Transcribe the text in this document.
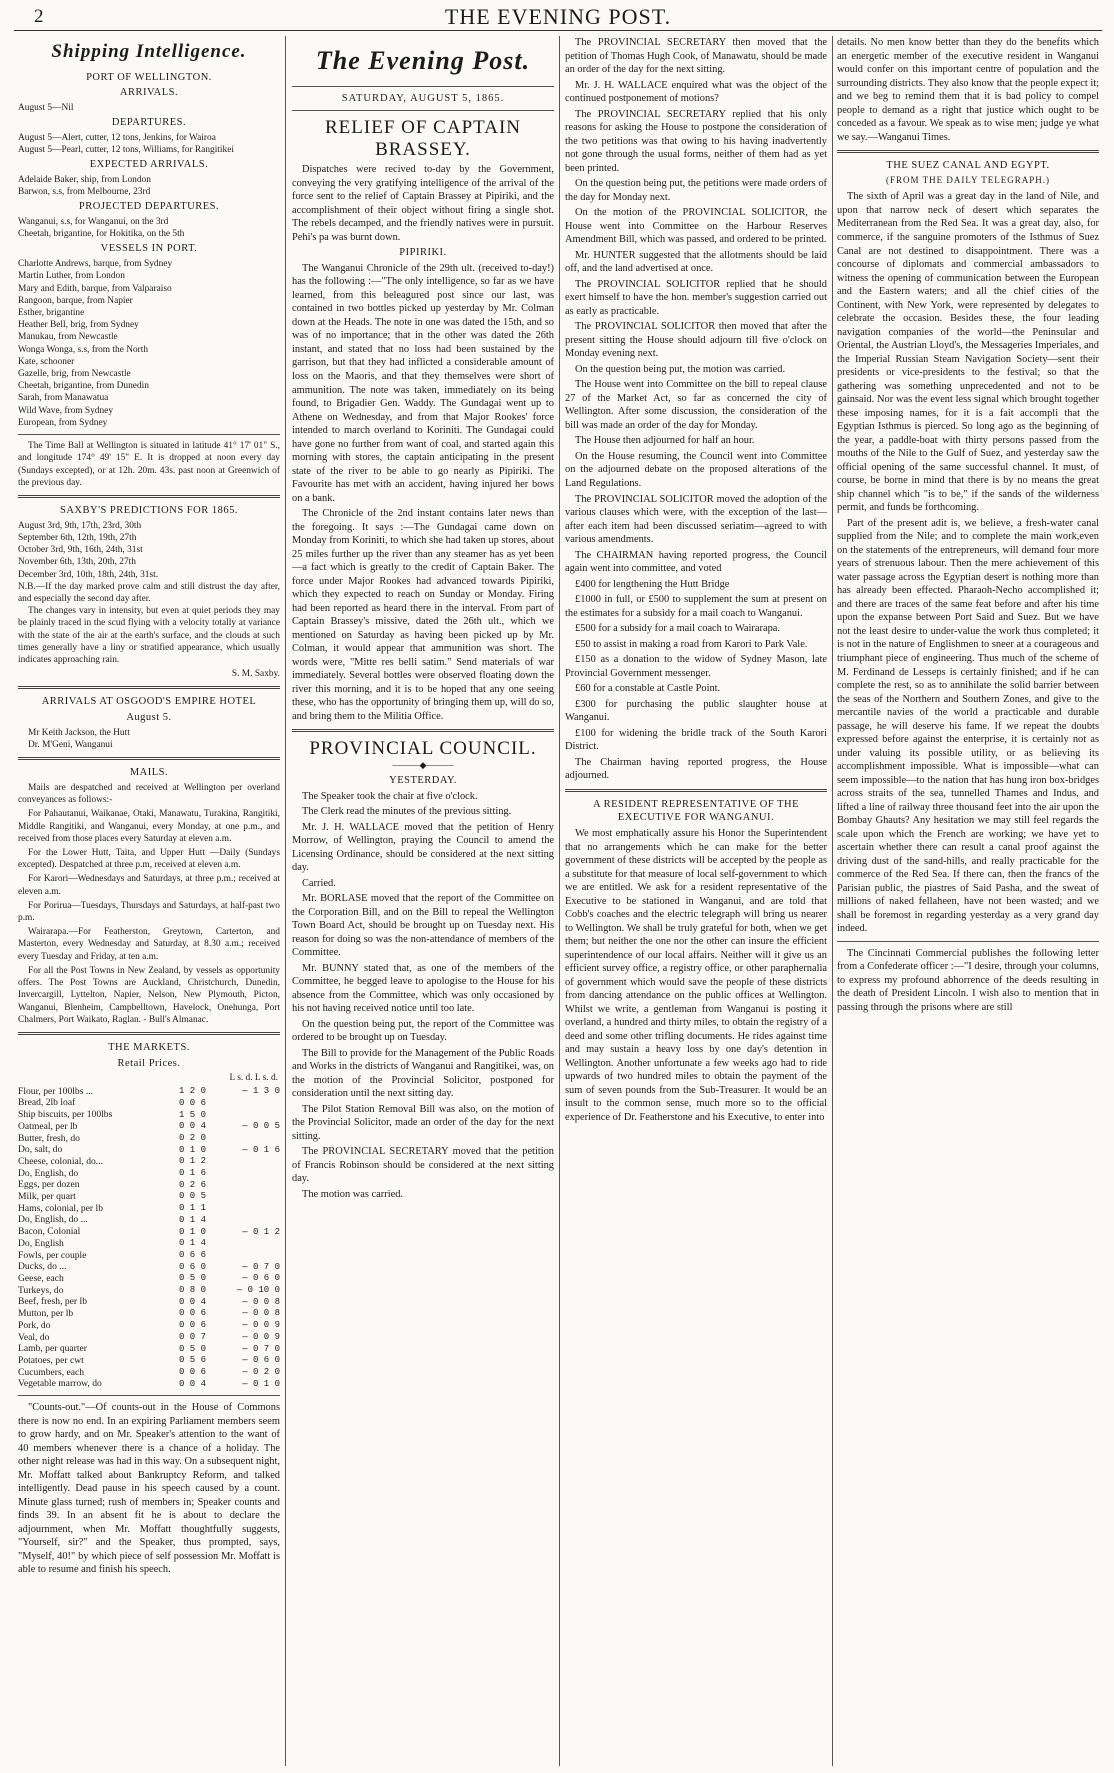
2	THE EVENING POST.
Shipping Intelligence.
PORT OF WELLINGTON.
ARRIVALS.

August 5—Nil

DEPARTURES.

August 5—Alert, cutter, 12 tons, Jenkins, for Wairoa

August 5—Pearl, cutter, 12 tons, Williams, for Rangitikei

EXPECTED ARRIVALS.

Adelaide Baker, ship, from London

Barwon, s.s, from Melbourne, 23rd

PROJECTED DEPARTURES.

Wanganui, s.s, for Wanganui, on the 3rd

Cheetah, brigantine, for Hokitika, on the 5th

VESSELS IN PORT.

Charlotte Andrews, barque, from Sydney

Martin Luther, from London

Mary and Edith, barque, from Valparaiso

Rangoon, barque, from Napier

Esther, brigantine

Heather Bell, brig, from Sydney

Manukau, from Newcastle

Wonga Wonga, s.s, from the North

Kate, schooner

Gazelle, brig, from Newcastle

Cheetah, brigantine, from Dunedin

Sarah, from Manawatua

Wild Wave, from Sydney

European, from Sydney

The Time Ball at Wellington is situated in latitude 41° 17' 01" S., and longitude 174° 49' 15" E. It is dropped at noon every day (Sundays excepted), or at 12h. 20m. 43s. past noon at Greenwich of the previous day.

SAXBY'S PREDICTIONS FOR 1865.

August 3rd, 9th, 17th, 23rd, 30th

September 6th, 12th, 19th, 27th

October 3rd, 9th, 16th, 24th, 31st

November 6th, 13th, 20th, 27th

December 3rd, 10th, 18th, 24th, 31st.

N.B.—If the day marked prove calm and still distrust the day after, and especially the second day after.

The changes vary in intensity, but even at quiet periods they may be plainly traced in the scud flying with a velocity totally at variance with the state of the air at the earth's surface, and the clouds at such times generally have a liny or stratified appearance, which usually indicates approaching rain.

S. M. Saxby.

ARRIVALS AT OSGOOD'S EMPIRE HOTEL
August 5.

Mr Keith Jackson, the Hutt

Dr. M'Geni, Wanganui

MAILS.

Mails are despatched and received at Wellington per overland conveyances as follows:-

For Pahautanui, Waikanae, Otaki, Manawatu, Turakina, Rangitiki, Middle Rangitiki, and Wanganui, every Monday, at one p.m., and received from those places every Saturday at eleven a.m.

For the Lower Hutt, Taita, and Upper Hutt —Daily (Sundays excepted). Despatched at three p.m, received at eleven a.m.

For Karori—Wednesdays and Saturdays, at three p.m.; received at eleven a.m.

For Porirua—Tuesdays, Thursdays and Saturdays, at half-past two p.m.

Wairarapa.—For Featherston, Greytown, Carterton, and Masterton, every Wednesday and Saturday, at 8.30 a.m.; received every Tuesday and Friday, at ten a.m.

For all the Post Towns in New Zealand, by vessels as opportunity offers. The Post Towns are Auckland, Christchurch, Dunedin, Invercargill, Lyttelton, Napier, Nelson, New Plymouth, Picton, Wanganui, Blenheim, Campbelltown, Havelock, Onehunga, Port Chalmers, Port Waikato, Raglan. - Bull's Almanac.

THE MARKETS.
Retail Prices.
L s. d. L s. d.		
Flour, per 100lbs ...	1 2 0	— 1 3 0
Bread, 2lb loaf	0 0 6	
Ship biscuits, per 100lbs	1 5 0	
Oatmeal, per lb	0 0 4	— 0 0 5
Butter, fresh, do	0 2 0	
Do, salt, do	0 1 0	— 0 1 6
Cheese, colonial, do...	0 1 2	
Do, English, do	0 1 6	
Eggs, per dozen	0 2 6	
Milk, per quart	0 0 5	
Hams, colonial, per lb	0 1 1	
Do, English, do ...	0 1 4	
Bacon, Colonial	0 1 0	— 0 1 2
Do, English	0 1 4	
Fowls, per couple	0 6 6	
Ducks, do ...	0 6 0	— 0 7 0
Geese, each	0 5 0	— 0 6 0
Turkeys, do	0 8 0	— 0 10 0
Beef, fresh, per lb	0 0 4	— 0 0 8
Mutton, per lb	0 0 6	— 0 0 8
Pork, do	0 0 6	— 0 0 9
Veal, do	0 0 7	— 0 0 9
Lamb, per quarter	0 5 0	— 0 7 0
Potatoes, per cwt	0 5 6	— 0 6 0
Cucumbers, each	0 0 6	— 0 2 0
Vegetable marrow, do	0 0 4	— 0 1 0

"Counts-out."—Of counts-out in the House of Commons there is now no end. In an expiring Parliament members seem to grow hardy, and on Mr. Speaker's attention to the want of 40 members whenever there is a chance of a holiday. The other night release was had in this way. On a subsequent night, Mr. Moffatt talked about Bankruptcy Reform, and talked intelligently. Dead pause in his speech caused by a count. Minute glass turned; rush of members in; Speaker counts and finds 39. In an absent fit he is about to declare the adjournment, when Mr. Moffatt thoughtfully suggests, "Yourself, sir?" and the Speaker, thus prompted, says, "Myself, 40!" by which piece of self possession Mr. Moffatt is able to resume and finish his speech.

The Evening Post.
SATURDAY, AUGUST 5, 1865.
RELIEF OF CAPTAIN BRASSEY.

Dispatches were recived to-day by the Government, conveying the very gratifying intelligence of the arrival of the force sent to the relief of Captain Brassey at Pipiriki, and the accomplishment of their object without firing a single shot. The rebels decamped, and the friendly natives were in pursuit. Pehi's pa was burnt down.

PIPIRIKI.

The Wanganui Chronicle of the 29th ult. (received to-day!) has the following :—"The only intelligence, so far as we have learned, from this beleagured post since our last, was contained in two bottles picked up yesterday by Mr. Colman down at the Heads. The note in one was dated the 15th, and so was of no importance; that in the other was dated the 26th instant, and stated that no loss had been sustained by the garrison, but that they had inflicted a considerable amount of loss on the Maoris, and that they themselves were short of ammunition. The note was taken, immediately on its being found, to Brigadier Gen. Waddy. The Gundagai went up to Athene on Wednesday, and from that Major Rookes' force intended to march overland to Koriniti. The Gundagai could have gone no further from want of coal, and started again this morning with stores, the captain anticipating in the present state of the river to be able to go nearly as Pipiriki. The Favourite has met with an accident, having injured her bows on a bank.

The Chronicle of the 2nd instant contains later news than the foregoing. It says :—The Gundagai came down on Monday from Koriniti, to which she had taken up stores, about 25 miles further up the river than any steamer has as yet been—a fact which is greatly to the credit of Captain Baker. The force under Major Rookes had advanced towards Pipiriki, which they expected to reach on Sunday or Monday. Firing had been reported as heard there in the interval. From part of Captain Brassey's missive, dated the 26th ult., which we mentioned on Saturday as having been picked up by Mr. Colman, it would appear that ammunition was short. The words were, "Mitte res belli satim." Send materials of war immediately. Several bottles were observed floating down the river this morning, and it is to be hoped that any one seeing these, who has the opportunity of bringing them up, will do so, and bring them to the Militia Office.

PROVINCIAL COUNCIL.
———◆———
YESTERDAY.

The Speaker took the chair at five o'clock.

The Clerk read the minutes of the previous sitting.

Mr. J. H. WALLACE moved that the petition of Henry Morrow, of Wellington, praying the Council to amend the Licensing Ordinance, should be considered at the next sitting day.

Carried.

Mr. BORLASE moved that the report of the Committee on the Corporation Bill, and on the Bill to repeal the Wellington Town Board Act, should be brought up on Tuesday next. His reason for doing so was the non-attendance of members of the Committee.

Mr. BUNNY stated that, as one of the members of the Committee, he begged leave to apologise to the House for his absence from the Committee, which was only occasioned by his not having received notice until too late.

On the question being put, the report of the Committee was ordered to be brought up on Tuesday.

The Bill to provide for the Management of the Public Roads and Works in the districts of Wanganui and Rangitikei, was, on the motion of the Provincial Solicitor, postponed for consideration until the next sitting day.

The Pilot Station Removal Bill was also, on the motion of the Provincial Solicitor, made an order of the day for the next sitting.

The PROVINCIAL SECRETARY moved that the petition of Francis Robinson should be considered at the next sitting day.

The motion was carried.

The PROVINCIAL SECRETARY then moved that the petition of Thomas Hugh Cook, of Manawatu, should be made an order of the day for the next sitting.

Mr. J. H. WALLACE enquired what was the object of the continued postponement of motions?

The PROVINCIAL SECRETARY replied that his only reasons for asking the House to postpone the consideration of the two petitions was that owing to his having inadvertently not gone through the usual forms, neither of them had as yet been printed.

On the question being put, the petitions were made orders of the day for Monday next.

On the motion of the PROVINCIAL SOLICITOR, the House went into Committee on the Harbour Reserves Amendment Bill, which was passed, and ordered to be printed.

Mr. HUNTER suggested that the allotments should be laid off, and the land advertised at once.

The PROVINCIAL SOLICITOR replied that he should exert himself to have the hon. member's suggestion carried out as early as practicable.

The PROVINCIAL SOLICITOR then moved that after the present sitting the House should adjourn till five o'clock on Monday evening next.

On the question being put, the motion was carried.

The House went into Committee on the bill to repeal clause 27 of the Market Act, so far as concerned the city of Wellington. After some discussion, the consideration of the bill was made an order of the day for Monday.

The House then adjourned for half an hour.

On the House resuming, the Council went into Committee on the adjourned debate on the proposed alterations of the Land Regulations.

The PROVINCIAL SOLICITOR moved the adoption of the various clauses which were, with the exception of the last—after each item had been discussed seriatim—agreed to with various amendments.

The CHAIRMAN having reported progress, the Council again went into committee, and voted

£400 for lengthening the Hutt Bridge

£1000 in full, or £500 to supplement the sum at present on the estimates for a subsidy for a mail coach to Wanganui.

£500 for a subsidy for a mail coach to Wairarapa.

£50 to assist in making a road from Karori to Park Vale.

£150 as a donation to the widow of Sydney Mason, late Provincial Government messenger.

£60 for a constable at Castle Point.

£300 for purchasing the public slaughter house at Wanganui.

£100 for widening the bridle track of the South Karori District.

The Chairman having reported progress, the House adjourned.

A RESIDENT REPRESENTATIVE OF THE EXECUTIVE FOR WANGANUI.

We most emphatically assure his Honor the Superintendent that no arrangements which he can make for the better government of these districts will be accepted by the people as a substitute for that measure of local self-government to which we are entitled. We ask for a resident representative of the Executive to be stationed in Wanganui, and are told that Cobb's coaches and the electric telegraph will bring us nearer to Wellington. We shall be truly grateful for both, when we get them; but neither the one nor the other can insure the efficient superintendence of our local affairs. Neither will it give us an efficient survey office, a registry office, or other paraphernalia of government which would save the people of these districts from dancing attendance on the public offices at Wellington. Whilst we write, a gentleman from Wanganui is posting it overland, a hundred and thirty miles, to obtain the registry of a deed and some other trifling documents. He rides against time and may sustain a heavy loss by one day's detention in Wellington. Another unfortunate a few weeks ago had to ride upwards of two hundred miles to obtain the payment of the sum of seven pounds from the Sub-Treasurer. It would be an insult to the common sense, much more so to the official experience of Dr. Featherstone and his Executive, to enter into

details. No men know better than they do the benefits which an energetic member of the executive resident in Wanganui would confer on this important centre of population and the surrounding districts. They also know that the people expect it; and we beg to remind them that it is bad policy to compel people to demand as a right that justice which ought to be conceded as a favour. We speak as to wise men; judge ye what we say.—Wanganui Times.

THE SUEZ CANAL AND EGYPT.
(FROM THE DAILY TELEGRAPH.)

The sixth of April was a great day in the land of Nile, and upon that narrow neck of desert which separates the Mediterranean from the Red Sea. It was a great day, also, for commerce, if the sanguine promoters of the Isthmus of Suez Canal are not destined to disappointment. There was a concourse of diplomats and commercial ambassadors to witness the opening of communication between the European and the Eastern waters; and all the chief cities of the Continent, with New York, were represented by delegates to celebrate the occasion. Besides these, the four leading navigation companies of the world—the Peninsular and Oriental, the Austrian Lloyd's, the Messageries Imperiales, and the Imperial Russian Steam Navigation Society—sent their presidents or vice-presidents to the festival; so that the gathering was something unprecedented and not to be gainsaid. Nor was the event less signal which brought together these imposing names, for it is a fait accompli that the Egyptian Isthmus is pierced. So long ago as the beginning of the year, a paddle-boat with thirty persons passed from the mouths of the Nile to the Gulf of Suez, and yesterday saw the official opening of the same successful channel. It must, of course, be borne in mind that there is by no means the great ship channel which "is to be," if the sands of the wilderness permit, and funds be forthcoming.

Part of the present adit is, we believe, a fresh-water canal supplied from the Nile; and to complete the main work,even on the statements of the entrepreneurs, will demand four more years of strenuous labour. Then the mere achievement of this water passage across the Egyptian desert is nothing more than has already been effected. Pharaoh-Necho accomplished it; and there are traces of the same feat before and after his time upon the expanse between Port Said and Suez. But we have not the least desire to under-value the work thus completed; it is not in the nature of Englishmen to sneer at a courageous and triumphant piece of engineering. Thus much of the scheme of M. Ferdinand de Lesseps is certainly finished; and if he can complete the rest, so as to annihilate the solid barrier between the seas of the Northern and Southern Zones, and give to the mercantile navies of the world a practicable and durable passage, he will deserve his fame. If we repeat the doubts expressed before against the enterprise, it is certainly not as under valuing its possible utility, or as believing its accomplishment impossible. What is impossible—what can seem impossible—to the nation that has hung iron box-bridges across straits of the sea, tunnelled Thames and Indus, and lifted a line of railway three thousand feet into the air upon the Bombay Ghauts? Any hesitation we may still feel regards the scale upon which the French are working; we have yet to ascertain whether there can result a canal proof against the driving dust of the sand-hills, and really practicable for the commerce of the Red Sea. If there can, then the francs of the Parisian public, the piastres of Said Pasha, and the sweat of millions of naked fellaheen, have not been wasted; and we shall be foremost in regarding yesterday as a very grand day indeed.

The Cincinnati Commercial publishes the following letter from a Confederate officer :—"I desire, through your columns, to express my profound abhorrence of the deeds resulting in the death of President Lincoln. I wish also to mention that in passing through the prisons where are still
